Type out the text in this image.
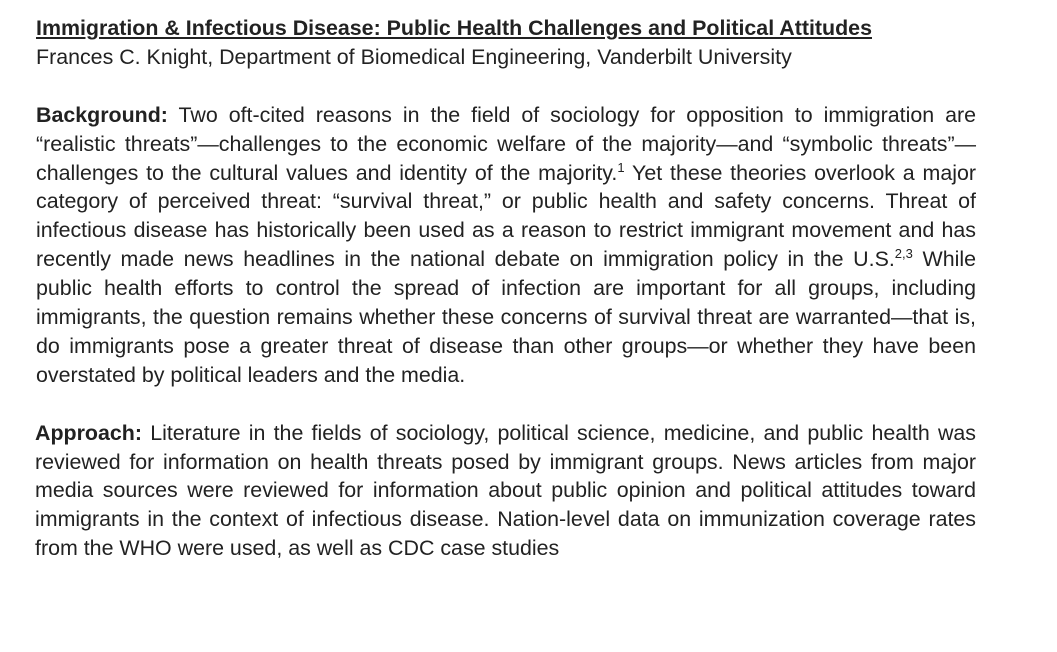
Immigration & Infectious Disease: Public Health Challenges and Political Attitudes Frances C. Knight, Department of Biomedical Engineering, Vanderbilt University

Background: Two oft-cited reasons in the field of sociology for opposition to immigration are “realistic threats”—challenges to the economic welfare of the majority—and “symbolic threats”—challenges to the cultural values and identity of the majority.$^1$ Yet these theories overlook a major category of perceived threat: “survival threat,” or public health and safety concerns. Threat of infectious disease has historically been used as a reason to restrict immigrant movement and has recently made news headlines in the national debate on immigration policy in the U.S.$^{2,3}$ While public health efforts to control the spread of infection are important for all groups, including immigrants, the question remains whether these concerns of survival threat are warranted—that is, do immigrants pose a greater threat of disease than other groups—or whether they have been overstated by political leaders and the media.

Approach: Literature in the fields of sociology, political science, medicine, and public health was reviewed for information on health threats posed by immigrant groups. News articles from major media sources were reviewed for information about public opinion and political attitudes toward immigrants in the context of infectious disease. Nation-level data on immunization coverage rates from the WHO were used, as well as CDC case studies
